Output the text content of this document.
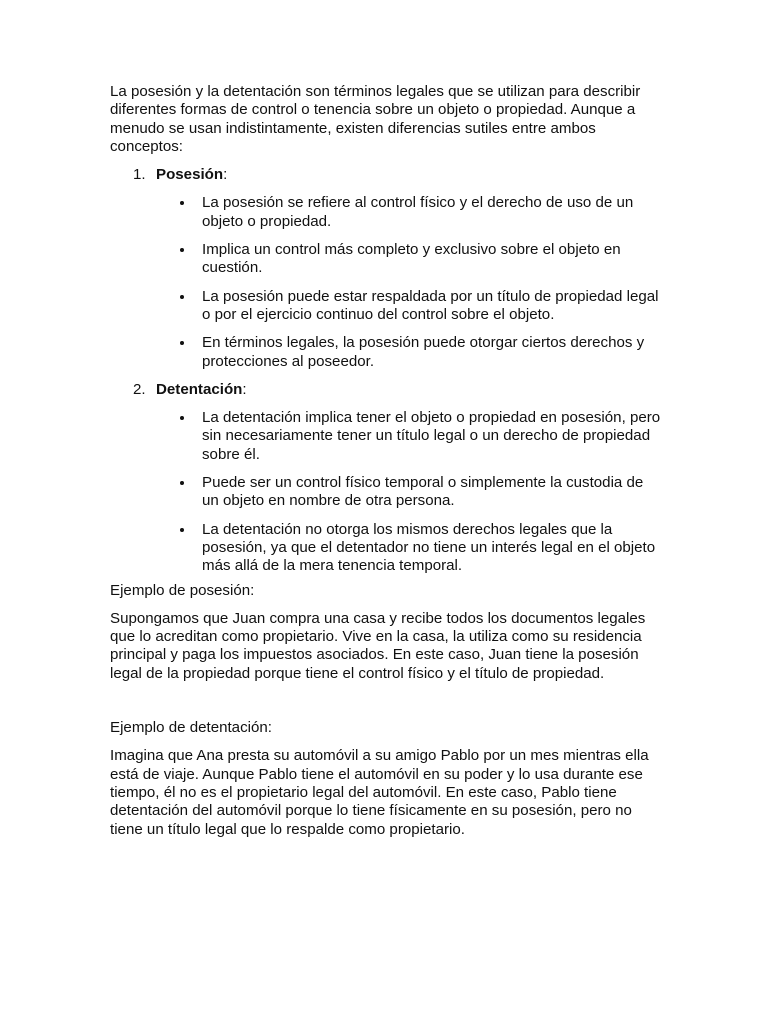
La posesión y la detentación son términos legales que se utilizan para describir diferentes formas de control o tenencia sobre un objeto o propiedad. Aunque a menudo se usan indistintamente, existen diferencias sutiles entre ambos conceptos:

1. Posesión:
La posesión se refiere al control físico y el derecho de uso de un objeto o propiedad.
Implica un control más completo y exclusivo sobre el objeto en cuestión.
La posesión puede estar respaldada por un título de propiedad legal o por el ejercicio continuo del control sobre el objeto.
En términos legales, la posesión puede otorgar ciertos derechos y protecciones al poseedor.
2. Detentación:
La detentación implica tener el objeto o propiedad en posesión, pero sin necesariamente tener un título legal o un derecho de propiedad sobre él.
Puede ser un control físico temporal o simplemente la custodia de un objeto en nombre de otra persona.
La detentación no otorga los mismos derechos legales que la posesión, ya que el detentador no tiene un interés legal en el objeto más allá de la mera tenencia temporal.

Ejemplo de posesión:

Supongamos que Juan compra una casa y recibe todos los documentos legales que lo acreditan como propietario. Vive en la casa, la utiliza como su residencia principal y paga los impuestos asociados. En este caso, Juan tiene la posesión legal de la propiedad porque tiene el control físico y el título de propiedad.

Ejemplo de detentación:

Imagina que Ana presta su automóvil a su amigo Pablo por un mes mientras ella está de viaje. Aunque Pablo tiene el automóvil en su poder y lo usa durante ese tiempo, él no es el propietario legal del automóvil. En este caso, Pablo tiene detentación del automóvil porque lo tiene físicamente en su posesión, pero no tiene un título legal que lo respalde como propietario.
